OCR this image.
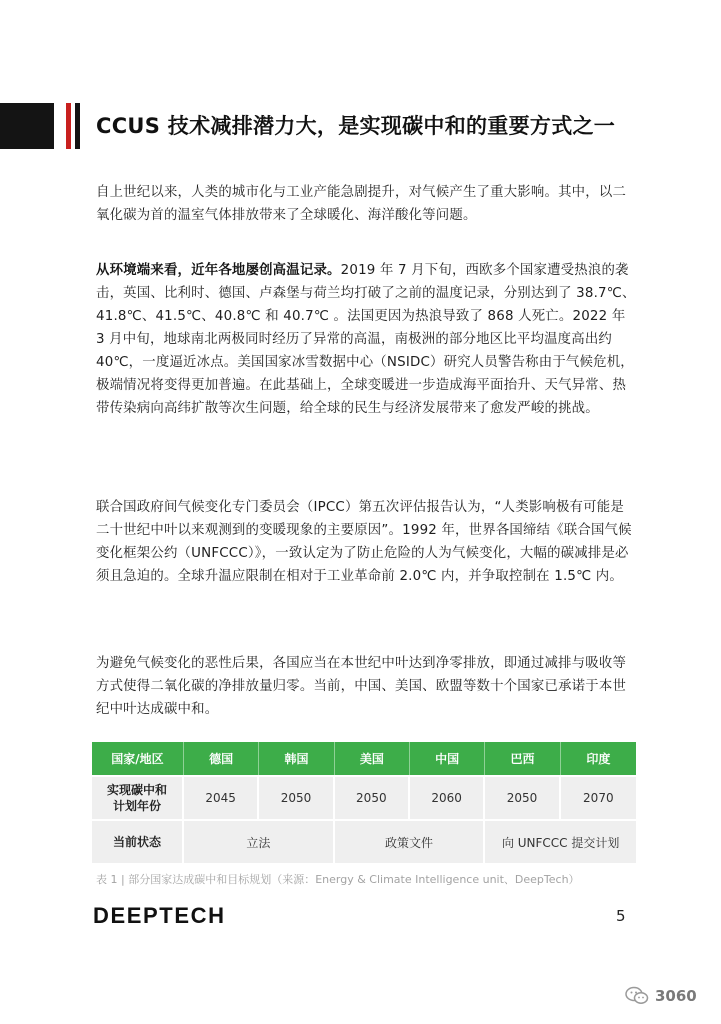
CCUS 技术减排潜力大，是实现碳中和的重要方式之一

自上世纪以来，人类的城市化与工业产能急剧提升，对气候产生了重大影响。其中，以二氧化碳为首的温室气体排放带来了全球暖化、海洋酸化等问题。

从环境端来看，近年各地屡创高温记录。2019 年 7 月下旬，西欧多个国家遭受热浪的袭击，英国、比利时、德国、卢森堡与荷兰均打破了之前的温度记录，分别达到了 38.7℃、41.8℃、41.5℃、40.8℃ 和 40.7℃ 。法国更因为热浪导致了 868 人死亡。2022 年 3 月中旬，地球南北两极同时经历了异常的高温，南极洲的部分地区比平均温度高出约 40℃，一度逼近冰点。美国国家冰雪数据中心（NSIDC）研究人员警告称由于气候危机，极端情况将变得更加普遍。在此基础上，全球变暖进一步造成海平面抬升、天气异常、热带传染病向高纬扩散等次生问题，给全球的民生与经济发展带来了愈发严峻的挑战。

联合国政府间气候变化专门委员会（IPCC）第五次评估报告认为，“人类影响极有可能是二十世纪中叶以来观测到的变暖现象的主要原因”。1992 年，世界各国缔结《联合国气候变化框架公约（UNFCCC）》，一致认定为了防止危险的人为气候变化，大幅的碳减排是必须且急迫的。全球升温应限制在相对于工业革命前 2.0℃ 内，并争取控制在 1.5℃ 内。

为避免气候变化的恶性后果，各国应当在本世纪中叶达到净零排放，即通过减排与吸收等方式使得二氧化碳的净排放量归零。当前，中国、美国、欧盟等数十个国家已承诺于本世纪中叶达成碳中和。

国家/地区	德国	韩国	美国	中国	巴西	印度

实现碳中和
计划年份	2045	2050	2050	2060	2050	2070
当前状态	立法		政策文件		向 UNFCCC 提交计划	
表 1 | 部分国家达成碳中和目标规划（来源：Energy & Climate Intelligence unit、DeepTech）
DEEPTECH	5
3060
